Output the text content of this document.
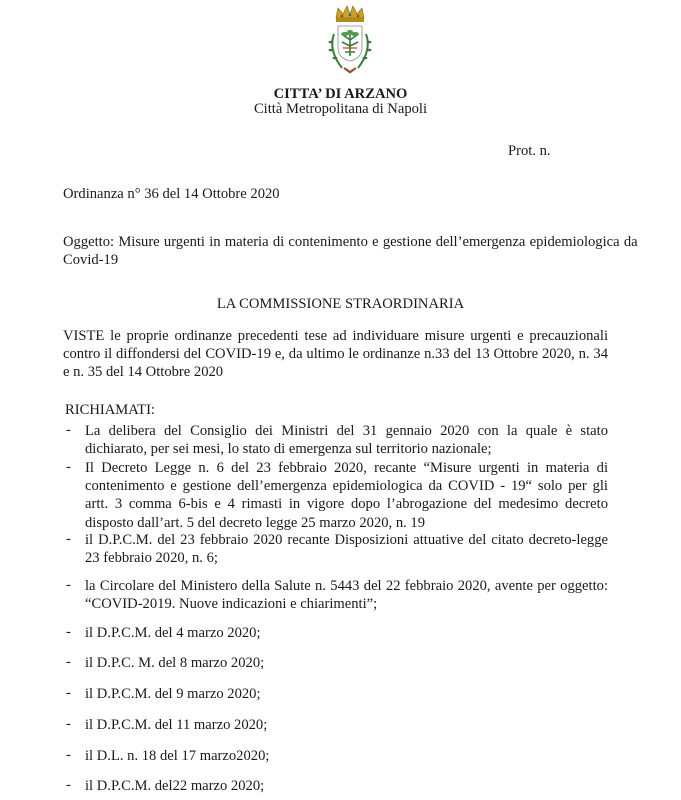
CITTA’ DI ARZANO
Città Metropolitana di Napoli
Prot. n.
Ordinanza n° 36 del 14 Ottobre 2020
Oggetto: Misure urgenti in materia di contenimento e gestione dell’emergenza epidemiologica da
Covid-19
LA COMMISSIONE STRAORDINARIA
VISTE le proprie ordinanze precedenti tese ad individuare misure urgenti e precauzionali contro il diffondersi del COVID-19 e, da ultimo le ordinanze n.33 del 13 Ottobre 2020, n. 34 e n. 35 del 14 Ottobre 2020
RICHIAMATI:
- La delibera del Consiglio dei Ministri del 31 gennaio 2020 con la quale è stato dichiarato, per sei mesi, lo stato di emergenza sul territorio nazionale;
- Il Decreto Legge n. 6 del 23 febbraio 2020, recante “Misure urgenti in materia di contenimento e gestione dell’emergenza epidemiologica da COVID - 19“ solo per gli artt. 3 comma 6-bis e 4 rimasti in vigore dopo l’abrogazione del medesimo decreto disposto dall’art. 5 del decreto legge 25 marzo 2020, n. 19
- il D.P.C.M. del 23 febbraio 2020 recante Disposizioni attuative del citato decreto-legge 23 febbraio 2020, n. 6;
- la Circolare del Ministero della Salute n. 5443 del 22 febbraio 2020, avente per oggetto: “COVID-2019. Nuove indicazioni e chiarimenti”;
- il D.P.C.M. del 4 marzo 2020;
- il D.P.C. M. del 8 marzo 2020;
- il D.P.C.M. del 9 marzo 2020;
- il D.P.C.M. del 11 marzo 2020;
- il D.L. n. 18 del 17 marzo2020;
- il D.P.C.M. del22 marzo 2020;
